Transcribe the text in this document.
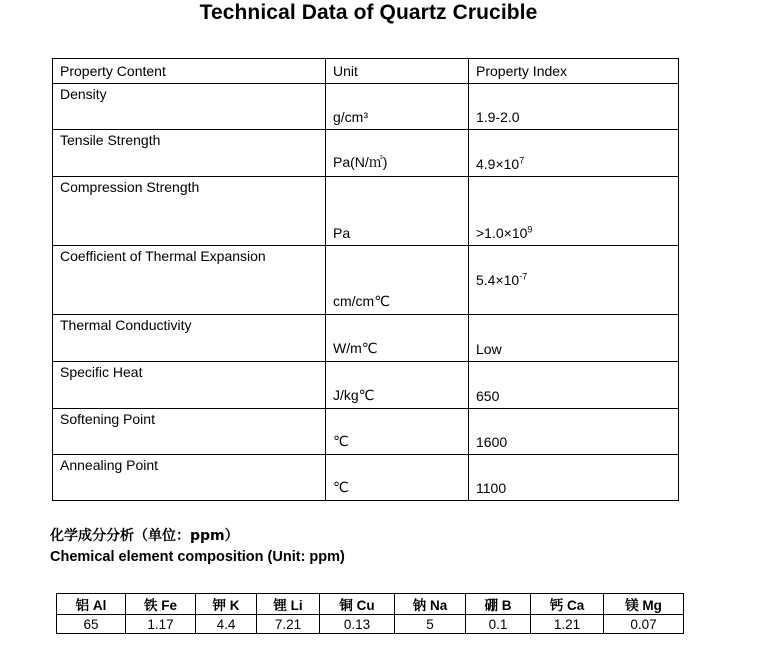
Technical Data of Quartz Crucible
Property Content	Unit	Property Index
Density	g/cm³	1.9-2.0
Tensile Strength	Pa(N/㎡)	$4.9\times 10^7$
Compression Strength	Pa	$>1.0\times 10^9$
Coefficient of Thermal Expansion	cm/cm℃	$5.4\times 10^{-7}$
Thermal Conductivity	W/m℃	Low
Specific Heat	J/kg℃	650
Softening Point	℃	1600
Annealing Point	℃	1100
化学成分分析（单位：ppm）
Chemical element composition (Unit: ppm)
铝 Al	铁 Fe	钾 K	锂 Li	铜 Cu	钠 Na	硼 B	钙 Ca	镁 Mg
65	1.17	4.4	7.21	0.13	5	0.1	1.21	0.07
